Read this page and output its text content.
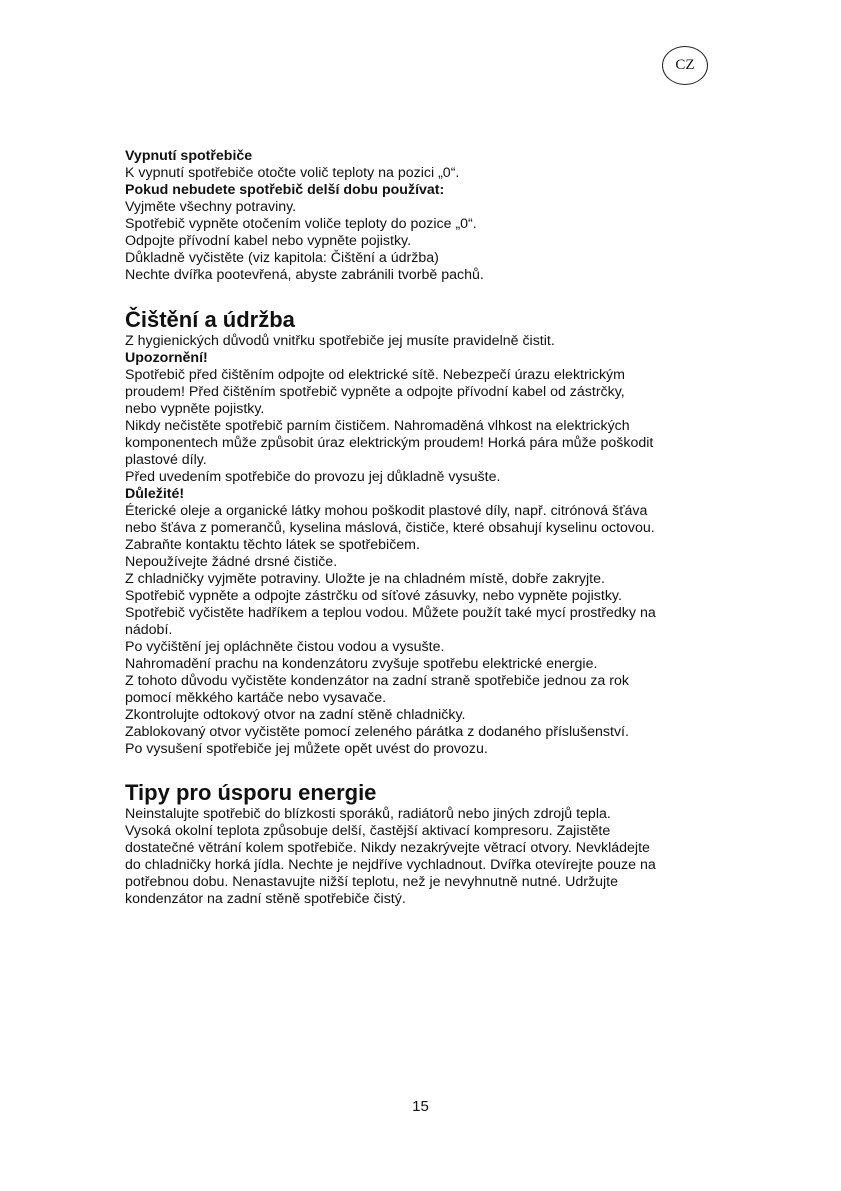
CZ
Vypnutí spotřebiče
K vypnutí spotřebiče otočte volič teploty na pozici „0“.
Pokud nebudete spotřebič delší dobu používat:
Vyjměte všechny potraviny.
Spotřebič vypněte otočením voliče teploty do pozice „0“.
Odpojte přívodní kabel nebo vypněte pojistky.
Důkladně vyčistěte (viz kapitola: Čištění a údržba)
Nechte dvířka pootevřená, abyste zabránili tvorbě pachů.
Čištění a údržba
Z hygienických důvodů vnitřku spotřebiče jej musíte pravidelně čistit.
Upozornění!
Spotřebič před čištěním odpojte od elektrické sítě. Nebezpečí úrazu elektrickým
proudem! Před čištěním spotřebič vypněte a odpojte přívodní kabel od zástrčky,
nebo vypněte pojistky.
Nikdy nečistěte spotřebič parním čističem. Nahromaděná vlhkost na elektrických
komponentech může způsobit úraz elektrickým proudem! Horká pára může poškodit
plastové díly.
Před uvedením spotřebiče do provozu jej důkladně vysušte.
Důležité!
Éterické oleje a organické látky mohou poškodit plastové díly, např. citrónová šťáva
nebo šťáva z pomerančů, kyselina máslová, čističe, které obsahují kyselinu octovou.
Zabraňte kontaktu těchto látek se spotřebičem.
Nepoužívejte žádné drsné čističe.
Z chladničky vyjměte potraviny. Uložte je na chladném místě, dobře zakryjte.
Spotřebič vypněte a odpojte zástrčku od síťové zásuvky, nebo vypněte pojistky.
Spotřebič vyčistěte hadříkem a teplou vodou. Můžete použít také mycí prostředky na
nádobí.
Po vyčištění jej opláchněte čistou vodou a vysušte.
Nahromadění prachu na kondenzátoru zvyšuje spotřebu elektrické energie.
Z tohoto důvodu vyčistěte kondenzátor na zadní straně spotřebiče jednou za rok
pomocí měkkého kartáče nebo vysavače.
Zkontrolujte odtokový otvor na zadní stěně chladničky.
Zablokovaný otvor vyčistěte pomocí zeleného párátka z dodaného příslušenství.
Po vysušení spotřebiče jej můžete opět uvést do provozu.
Tipy pro úsporu energie
Neinstalujte spotřebič do blízkosti sporáků, radiátorů nebo jiných zdrojů tepla.
Vysoká okolní teplota způsobuje delší, častější aktivací kompresoru. Zajistěte
dostatečné větrání kolem spotřebiče. Nikdy nezakrývejte větrací otvory. Nevkládejte
do chladničky horká jídla. Nechte je nejdříve vychladnout. Dvířka otevírejte pouze na
potřebnou dobu. Nenastavujte nižší teplotu, než je nevyhnutně nutné. Udržujte
kondenzátor na zadní stěně spotřebiče čistý.
15
